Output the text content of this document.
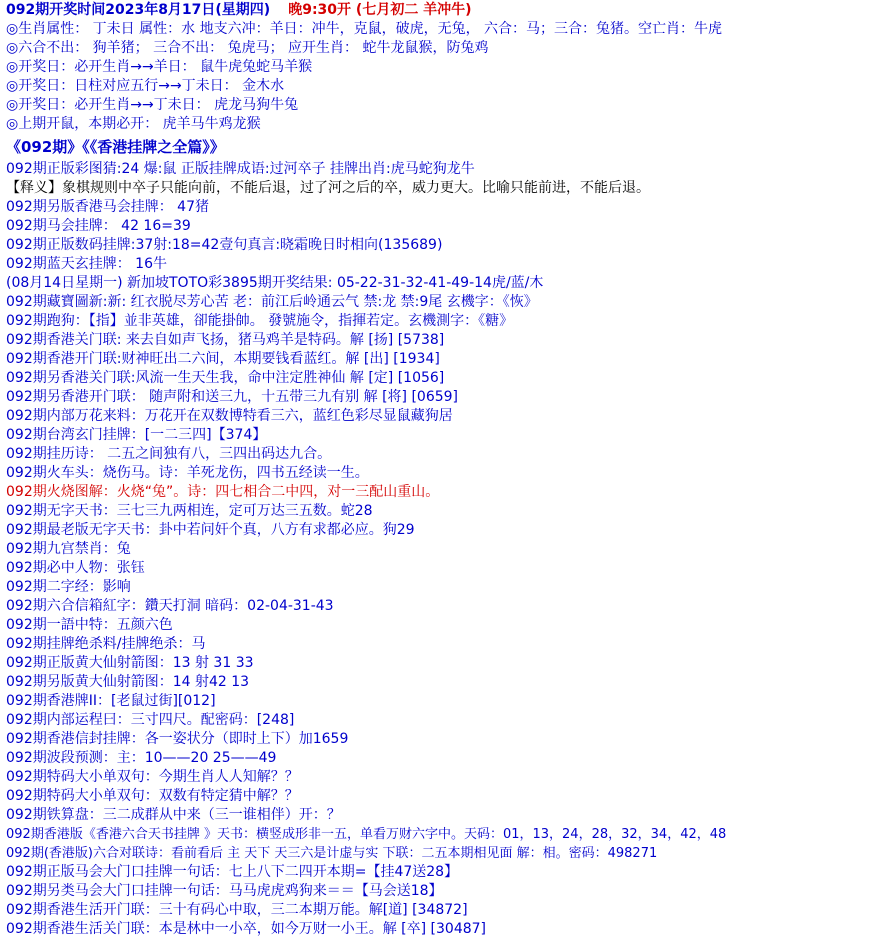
092期开奖时间2023年8月17日(星期四) 晚9:30开 (七月初二 羊冲牛)
◎生肖属性： 丁未日 属性：水 地支六冲：羊日：冲牛，克鼠，破虎，无兔， 六合：马；三合：兔猪。空亡肖：牛虎
◎六合不出： 狗羊猪； 三合不出： 兔虎马； 应开生肖： 蛇牛龙鼠猴，防兔鸡
◎开奖日：必开生肖→→羊日： 鼠牛虎兔蛇马羊猴
◎开奖日：日柱对应五行→→丁未日： 金木水
◎开奖日：必开生肖→→丁未日： 虎龙马狗牛兔
◎上期开鼠，本期必开： 虎羊马牛鸡龙猴
《092期》《《香港挂牌之全篇》》
092期正版彩图猜:24 爆:鼠 正版挂牌成语:过河卒子 挂牌出肖:虎马蛇狗龙牛
【释义】象棋规则中卒子只能向前，不能后退，过了河之后的卒，威力更大。比喻只能前进，不能后退。
092期另版香港马会挂牌： 47猪
092期马会挂牌： 42 16=39
092期正版数码挂牌:37射:18=42壹句真言:晓霜晚日时相向(135689)
092期蓝天玄挂牌： 16牛
(08月14日星期一) 新加坡TOTO彩3895期开奖结果: 05-22-31-32-41-49-14虎/蓝/木
092期藏寶圖新:新: 红衣脱尽芳心苦 老：前江后岭通云气 禁:龙 禁:9尾 玄機字：《恢》
092期跑狗：【指】並非英雄，卻能掛帥。 發號施令，指揮若定。玄機測字：《糖》
092期香港关门联: 来去自如声飞扬，猪马鸡羊是特码。解 [扬] [5738]
092期香港开门联:财神旺出二六间，本期要钱看蓝红。解 [出] [1934]
092期另香港关门联:风流一生天生我，命中注定胜神仙 解 [定] [1056]
092期另香港开门联： 随声附和送三九，十五带三九有别 解 [将] [0659]
092期内部万花来料：万花开在双数博特看三六，蓝红色彩尽显鼠藏狗居
092期台湾玄门挂牌：[一二三四]【374】
092期挂历诗： 二五之间独有八，三四出码达九合。
092期火车头：烧伤马。诗：羊死龙伤，四书五经读一生。
092期火烧图解：火烧“兔”。诗：四七相合二中四，对一三配山重山。
092期无字天书：三七三九两相连，定可万达三五数。蛇28
092期最老版无字天书：卦中若问奸个真，八方有求都必应。狗29
092期九宫禁肖：兔
092期必中人物：张钰
092期二字经：影响
092期六合信箱紅字：鑽天打洞 暗码：02-04-31-43
092期一語中特：五颜六色
092期挂牌绝杀料/挂牌绝杀：马
092期正版黄大仙射箭图：13 射 31 33
092期另版黄大仙射箭图：14 射42 13
092期香港牌II：[老鼠过街][012]
092期内部运程曰：三寸四尺。配密码：[248]
092期香港信封挂牌：各一姿状分（即时上下）加1659
092期波段预测：主：10——20 25——49
092期特码大小单双句：今期生肖人人知解？？
092期特码大小单双句：双数有特定猜中解？？
092期铁算盘：三二成群从中来（三一谁相伴）开：？
092期香港版《香港六合天书挂牌 》天书：横竖成形非一五，单看万财六字中。天码：01，13，24，28，32，34，42，48
092期(香港版)六合对联诗：看前看后 主 天下 天三六是计虚与实 下联：二五本期相见面 解：相。密码：498271
092期正版马会大门口挂牌一句话：七上八下二四开本期=【挂47送28】
092期另类马会大门口挂牌一句话：马马虎虎鸡狗来＝＝【马会送18】
092期香港生活开门联：三十有码心中取，三二本期万能。解[道] [34872]
092期香港生活关门联：本是林中一小卒，如今万财一小王。解 [卒] [30487]
